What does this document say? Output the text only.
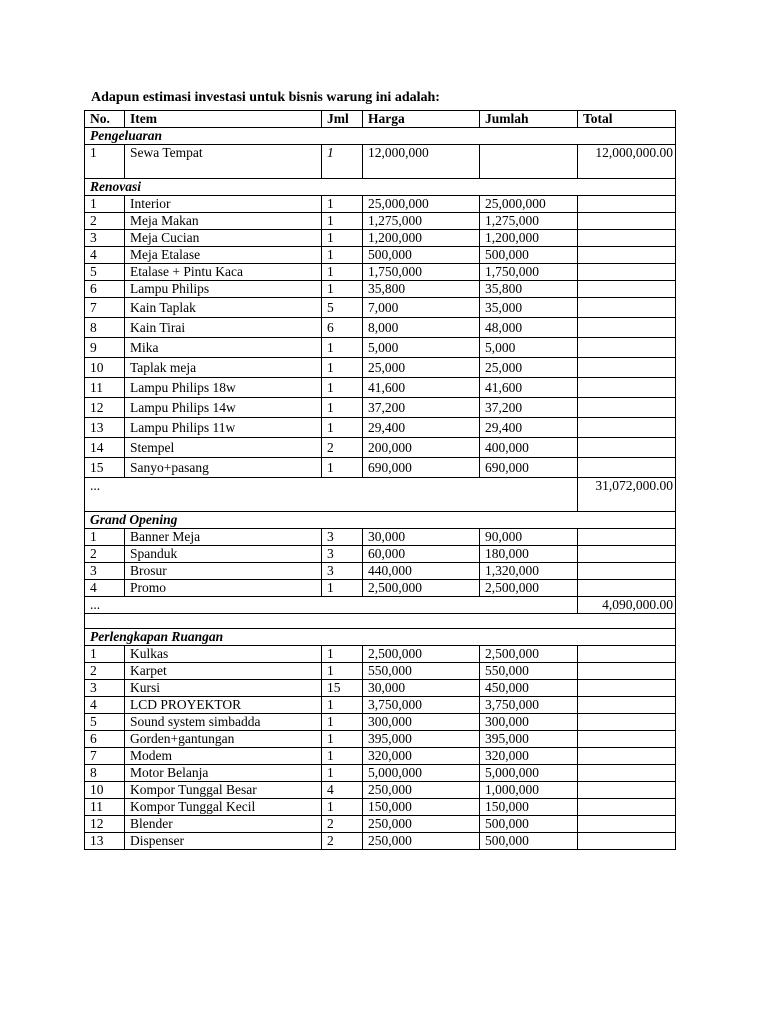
Adapun estimasi investasi untuk bisnis warung ini adalah:
No.	Item	Jml	Harga	Jumlah	Total
Pengeluaran					
1	Sewa Tempat	1	12,000,000		12,000,000.00
Renovasi					
1	Interior	1	25,000,000	25,000,000	
2	Meja Makan	1	1,275,000	1,275,000	
3	Meja Cucian	1	1,200,000	1,200,000	
4	Meja Etalase	1	500,000	500,000	
5	Etalase + Pintu Kaca	1	1,750,000	1,750,000	
6	Lampu Philips	1	35,800	35,800	
7	Kain Taplak	5	7,000	35,000	
8	Kain Tirai	6	8,000	48,000	
9	Mika	1	5,000	5,000	
10	Taplak meja	1	25,000	25,000	
11	Lampu Philips 18w	1	41,600	41,600	
12	Lampu Philips 14w	1	37,200	37,200	
13	Lampu Philips 11w	1	29,400	29,400	
14	Stempel	2	200,000	400,000	
15	Sanyo+pasang	1	690,000	690,000	
...					31,072,000.00
Grand Opening					
1	Banner Meja	3	30,000	90,000	
2	Spanduk	3	60,000	180,000	
3	Brosur	3	440,000	1,320,000	
4	Promo	1	2,500,000	2,500,000	
...					4,090,000.00

Perlengkapan Ruangan					
1	Kulkas	1	2,500,000	2,500,000	
2	Karpet	1	550,000	550,000	
3	Kursi	15	30,000	450,000	
4	LCD PROYEKTOR	1	3,750,000	3,750,000	
5	Sound system simbadda	1	300,000	300,000	
6	Gorden+gantungan	1	395,000	395,000	
7	Modem	1	320,000	320,000	
8	Motor Belanja	1	5,000,000	5,000,000	
10	Kompor Tunggal Besar	4	250,000	1,000,000	
11	Kompor Tunggal Kecil	1	150,000	150,000	
12	Blender	2	250,000	500,000	
13	Dispenser	2	250,000	500,000	
